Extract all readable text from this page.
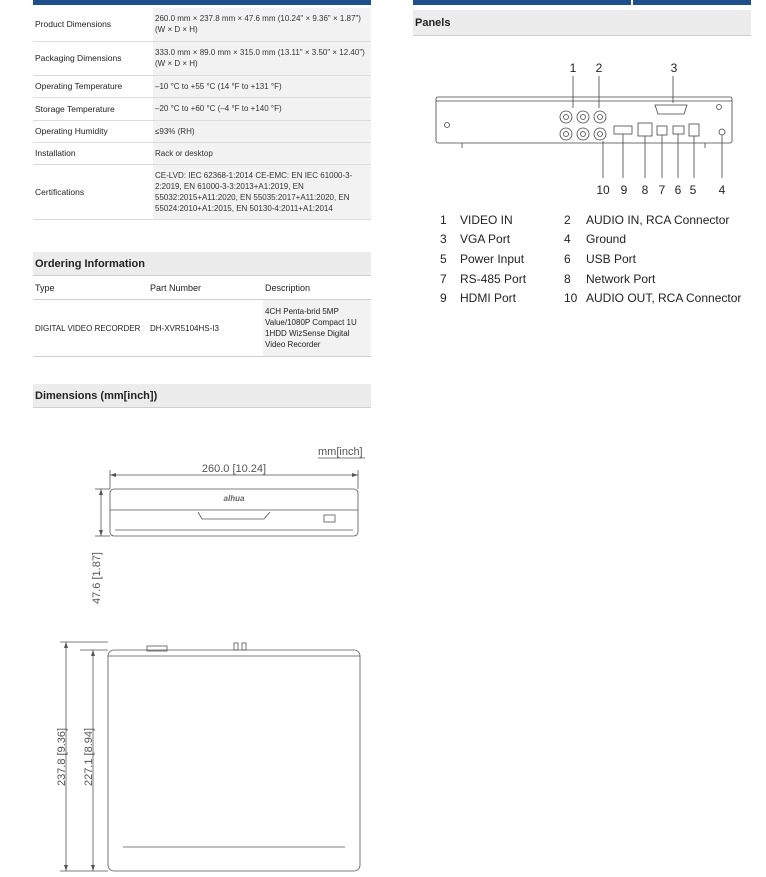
Product Dimensions	260.0 mm × 237.8 mm × 47.6 mm (10.24" × 9.36" × 1.87") (W × D × H)
Packaging Dimensions	333.0 mm × 89.0 mm × 315.0 mm (13.11" × 3.50" × 12.40") (W × D × H)
Operating Temperature	–10 °C to +55 °C (14 °F to +131 °F)
Storage Temperature	–20 °C to +60 °C (–4 °F to +140 °F)
Operating Humidity	≤93% (RH)
Installation	Rack or desktop
Certifications	CE-LVD: IEC 62368-1:2014 CE-EMC: EN IEC 61000-3-2:2019, EN 61000-3-3:2013+A1:2019, EN 55032:2015+A11:2020, EN 55035:2017+A11:2020, EN 55024:2010+A1:2015, EN 50130-4:2011+A1:2014
Ordering Information
Type	Part Number	Description
DIGITAL VIDEO RECORDER	DH-XVR5104HS-I3	4CH Penta-brid 5MP Value/1080P Compact 1U 1HDD WizSense Digital Video Recorder
Dimensions (mm[inch])
Panels
mm[inch]
260.0 [10.24]
alhua
47.6 [1.87]
237.8 [9.36] 227.1 [8.94]
1 2	3
10 9 8 7 6 5 4
1	VIDEO IN	2	AUDIO IN, RCA Connector
3	VGA Port	4	Ground
5	Power Input	6	USB Port
7	RS-485 Port	8	Network Port
9	HDMI Port	10 AUDIO OUT, RCA Connector
